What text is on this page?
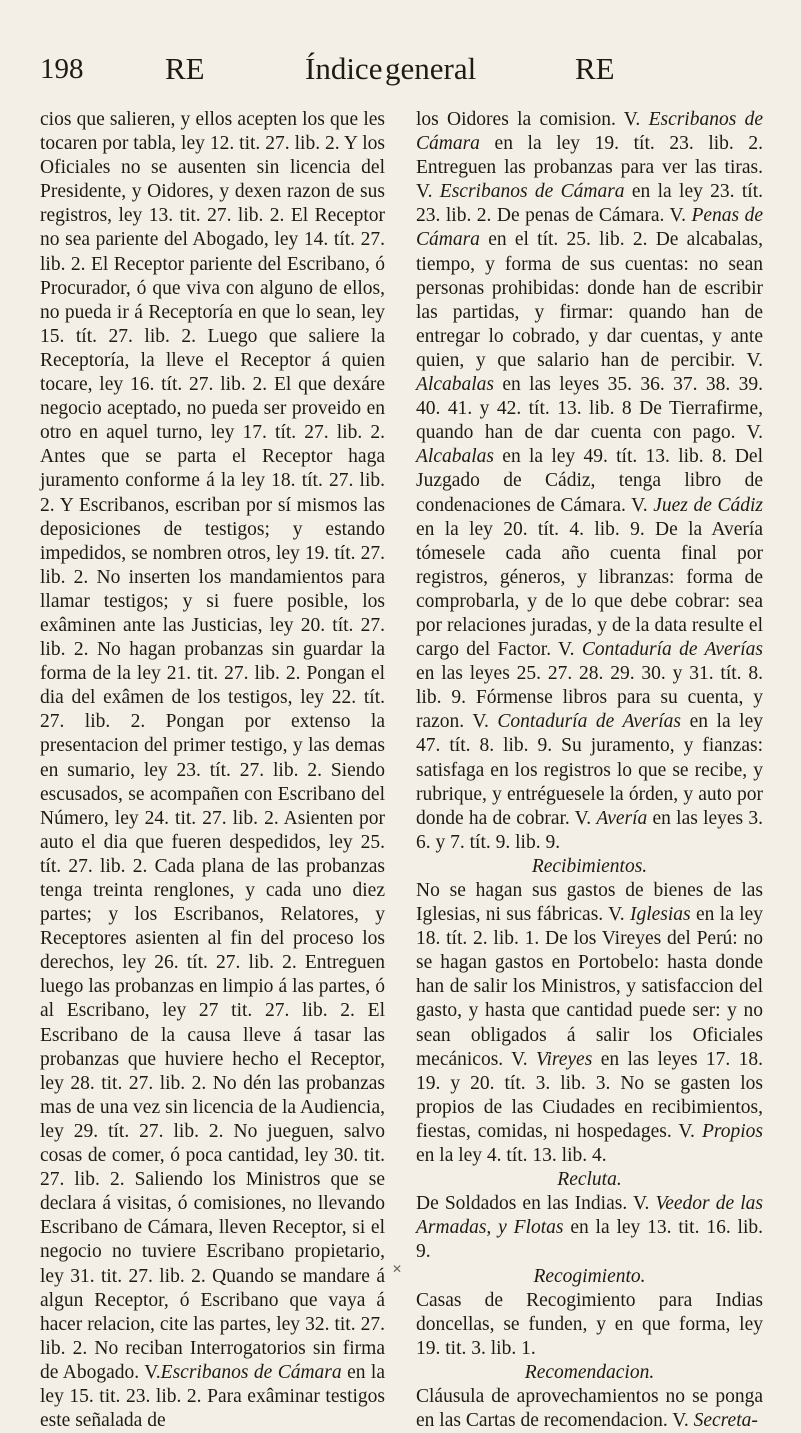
198	RE	Índice general	RE

cios que salieren, y ellos acepten los que les tocaren por tabla, ley 12. tit. 27. lib. 2. Y los Oficiales no se ausenten sin licencia del Presidente, y Oidores, y dexen razon de sus registros, ley 13. tit. 27. lib. 2. El Receptor no sea pariente del Abogado, ley 14. tít. 27. lib. 2. El Receptor pariente del Escribano, ó Procurador, ó que viva con alguno de ellos, no pueda ir á Receptoría en que lo sean, ley 15. tít. 27. lib. 2. Luego que saliere la Receptoría, la lleve el Receptor á quien tocare, ley 16. tít. 27. lib. 2. El que dexáre negocio aceptado, no pueda ser proveido en otro en aquel turno, ley 17. tít. 27. lib. 2. Antes que se parta el Receptor haga juramento conforme á la ley 18. tít. 27. lib. 2. Y Escribanos, escriban por sí mismos las deposiciones de testigos; y estando impedidos, se nombren otros, ley 19. tít. 27. lib. 2. No inserten los mandamientos para llamar testigos; y si fuere posible, los exâminen ante las Justicias, ley 20. tít. 27. lib. 2. No hagan probanzas sin guardar la forma de la ley 21. tit. 27. lib. 2. Pongan el dia del exâmen de los testigos, ley 22. tít. 27. lib. 2. Pongan por extenso la presentacion del primer testigo, y las demas en sumario, ley 23. tít. 27. lib. 2. Siendo escusados, se acompañen con Escribano del Número, ley 24. tit. 27. lib. 2. Asienten por auto el dia que fueren despedidos, ley 25. tít. 27. lib. 2. Cada plana de las probanzas tenga treinta renglones, y cada uno diez partes; y los Escribanos, Relatores, y Receptores asienten al fin del proceso los derechos, ley 26. tít. 27. lib. 2. Entreguen luego las probanzas en limpio á las partes, ó al Escribano, ley 27 tit. 27. lib. 2. El Escribano de la causa lleve á tasar las probanzas que huviere hecho el Receptor, ley 28. tit. 27. lib. 2. No dén las probanzas mas de una vez sin licencia de la Audiencia, ley 29. tít. 27. lib. 2. No jueguen, salvo cosas de comer, ó poca cantidad, ley 30. tit. 27. lib. 2. Saliendo los Ministros que se declara á visitas, ó comisiones, no llevando Escribano de Cámara, lleven Receptor, si el negocio no tuviere Escribano propietario, ley 31. tit. 27. lib. 2. Quando se mandare á algun Receptor, ó Escribano que vaya á hacer relacion, cite las partes, ley 32. tit. 27. lib. 2. No reciban Interrogatorios sin firma de Abogado. V.Escribanos de Cámara en la ley 15. tit. 23. lib. 2. Para exâminar testigos este señalada de

los Oidores la comision. V. Escribanos de Cámara en la ley 19. tít. 23. lib. 2. Entreguen las probanzas para ver las tiras. V. Escribanos de Cámara en la ley 23. tít. 23. lib. 2. De penas de Cámara. V. Penas de Cámara en el tít. 25. lib. 2. De alcabalas, tiempo, y forma de sus cuentas: no sean personas prohibidas: donde han de escribir las partidas, y firmar: quando han de entregar lo cobrado, y dar cuentas, y ante quien, y que salario han de percibir. V. Alcabalas en las leyes 35. 36. 37. 38. 39. 40. 41. y 42. tít. 13. lib. 8 De Tierrafirme, quando han de dar cuenta con pago. V. Alcabalas en la ley 49. tít. 13. lib. 8. Del Juzgado de Cádiz, tenga libro de condenaciones de Cámara. V. Juez de Cádiz en la ley 20. tít. 4. lib. 9. De la Avería tómesele cada año cuenta final por registros, géneros, y libranzas: forma de comprobarla, y de lo que debe cobrar: sea por relaciones juradas, y de la data resulte el cargo del Factor. V. Contaduría de Averías en las leyes 25. 27. 28. 29. 30. y 31. tít. 8. lib. 9. Fórmense libros para su cuenta, y razon. V. Contaduría de Averías en la ley 47. tít. 8. lib. 9. Su juramento, y fianzas: satisfaga en los registros lo que se recibe, y rubrique, y entréguesele la órden, y auto por donde ha de cobrar. V. Avería en las leyes 3. 6. y 7. tít. 9. lib. 9.

Recibimientos.

No se hagan sus gastos de bienes de las Iglesias, ni sus fábricas. V. Iglesias en la ley 18. tít. 2. lib. 1. De los Vireyes del Perú: no se hagan gastos en Portobelo: hasta donde han de salir los Ministros, y satisfaccion del gasto, y hasta que cantidad puede ser: y no sean obligados á salir los Oficiales mecánicos. V. Vireyes en las leyes 17. 18. 19. y 20. tít. 3. lib. 3. No se gasten los propios de las Ciudades en recibimientos, fiestas, comidas, ni hospedages. V. Propios en la ley 4. tít. 13. lib. 4.

Recluta.

De Soldados en las Indias. V. Veedor de las Armadas, y Flotas en la ley 13. tit. 16. lib. 9.

Recogimiento.

Casas de Recogimiento para Indias doncellas, se funden, y en que forma, ley 19. tit. 3. lib. 1.

Recomendacion.

Cláusula de aprovechamientos no se ponga en las Cartas de recomendacion. V. Secreta-

✕
